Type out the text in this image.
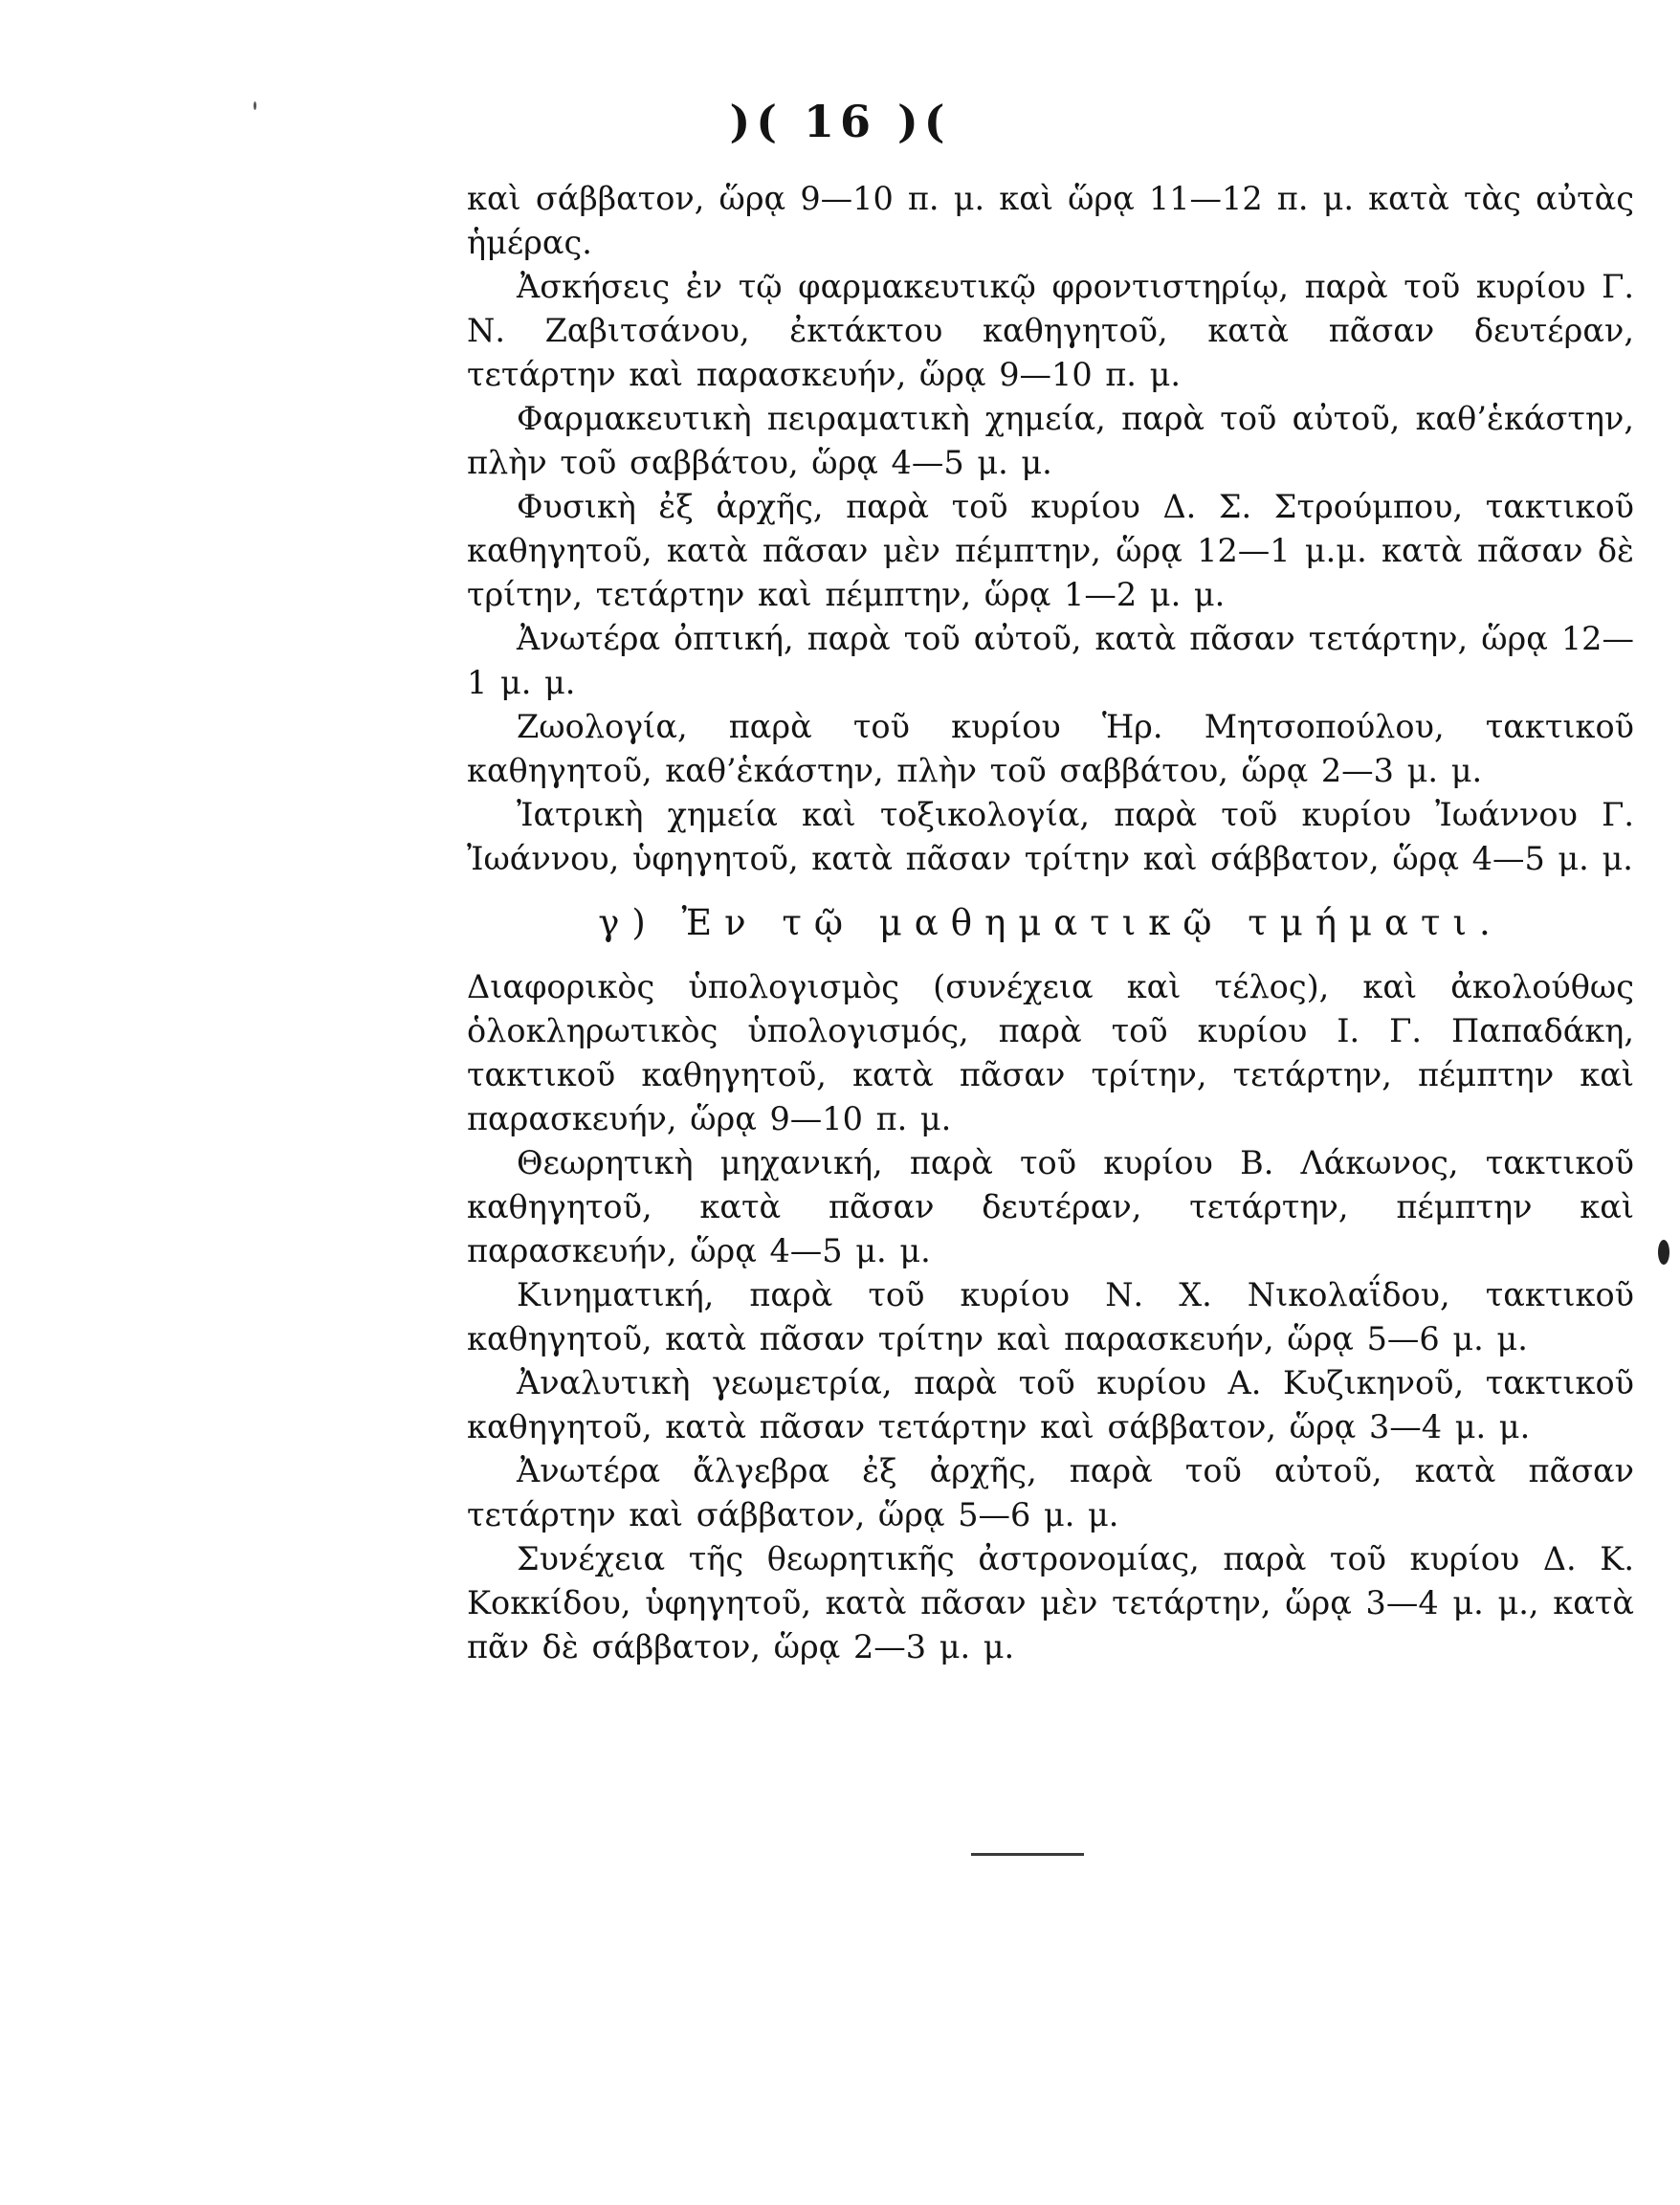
)( 16 )(

καὶ σάββατον, ὥρᾳ 9—10 π. μ. καὶ ὥρᾳ 11—12 π. μ. κατὰ τὰς αὐτὰς ἡμέρας.

Ἀσκήσεις ἐν τῷ φαρμακευτικῷ φροντιστηρίῳ, παρὰ τοῦ κυρίου Γ. Ν. Ζαβιτσάνου, ἐκτάκτου καθηγητοῦ, κατὰ πᾶσαν δευτέραν, τετάρτην καὶ παρασκευήν, ὥρᾳ 9—10 π. μ.

Φαρμακευτικὴ πειραματικὴ χημεία, παρὰ τοῦ αὐτοῦ, καθ’ἑκάστην, πλὴν τοῦ σαββάτου, ὥρᾳ 4—5 μ. μ.

Φυσικὴ ἐξ ἀρχῆς, παρὰ τοῦ κυρίου Δ. Σ. Στρούμπου, τακτικοῦ καθηγητοῦ, κατὰ πᾶσαν μὲν πέμπτην, ὥρᾳ 12—1 μ.μ. κατὰ πᾶσαν δὲ τρίτην, τετάρτην καὶ πέμπτην, ὥρᾳ 1—2 μ. μ.

Ἀνωτέρα ὀπτική, παρὰ τοῦ αὐτοῦ, κατὰ πᾶσαν τετάρτην, ὥρᾳ 12—1 μ. μ.

Ζωολογία, παρὰ τοῦ κυρίου Ἡρ. Μητσοπούλου, τακτικοῦ καθηγητοῦ, καθ’ἑκάστην, πλὴν τοῦ σαββάτου, ὥρᾳ 2—3 μ. μ.

Ἰατρικὴ χημεία καὶ τοξικολογία, παρὰ τοῦ κυρίου Ἰωάννου Γ. Ἰωάννου, ὑφηγητοῦ, κατὰ πᾶσαν τρίτην καὶ σάββατον, ὥρᾳ 4—5 μ. μ.

γ) Ἐν τῷ μαθηματικῷ τμήματι.

Διαφορικὸς ὑπολογισμὸς (συνέχεια καὶ τέλος), καὶ ἀκολούθως ὁλοκληρωτικὸς ὑπολογισμός, παρὰ τοῦ κυρίου Ι. Γ. Παπαδάκη, τακτικοῦ καθηγητοῦ, κατὰ πᾶσαν τρίτην, τετάρτην, πέμπτην καὶ παρασκευήν, ὥρᾳ 9—10 π. μ.

Θεωρητικὴ μηχανική, παρὰ τοῦ κυρίου Β. Λάκωνος, τακτικοῦ καθηγητοῦ, κατὰ πᾶσαν δευτέραν, τετάρτην, πέμπτην καὶ παρασκευήν, ὥρᾳ 4—5 μ. μ.

Κινηματική, παρὰ τοῦ κυρίου Ν. Χ. Νικολαΐδου, τακτικοῦ καθηγητοῦ, κατὰ πᾶσαν τρίτην καὶ παρασκευήν, ὥρᾳ 5—6 μ. μ.

Ἀναλυτικὴ γεωμετρία, παρὰ τοῦ κυρίου Α. Κυζικηνοῦ, τακτικοῦ καθηγητοῦ, κατὰ πᾶσαν τετάρτην καὶ σάββατον, ὥρᾳ 3—4 μ. μ.

Ἀνωτέρα ἄλγεβρα ἐξ ἀρχῆς, παρὰ τοῦ αὐτοῦ, κατὰ πᾶσαν τετάρτην καὶ σάββατον, ὥρᾳ 5—6 μ. μ.

Συνέχεια τῆς θεωρητικῆς ἀστρονομίας, παρὰ τοῦ κυρίου Δ. Κ. Κοκκίδου, ὑφηγητοῦ, κατὰ πᾶσαν μὲν τετάρτην, ὥρᾳ 3—4 μ. μ., κατὰ πᾶν δὲ σάββατον, ὥρᾳ 2—3 μ. μ.
